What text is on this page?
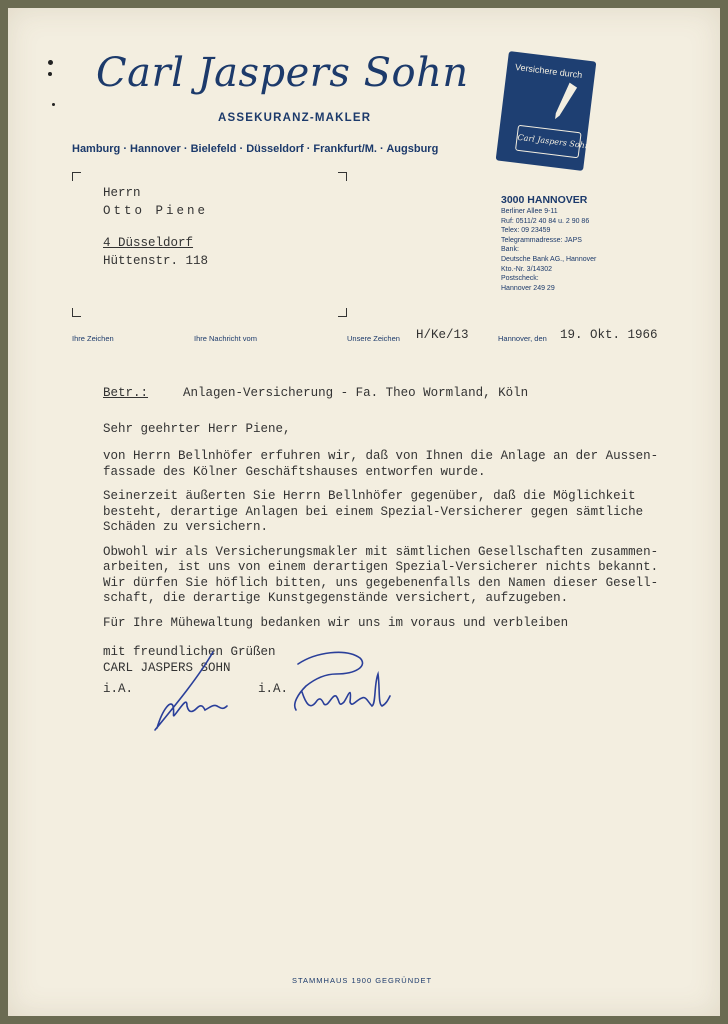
Carl Jaspers Sohn
ASSEKURANZ-MAKLER
Hamburg · Hannover · Bielefeld · Düsseldorf · Frankfurt/M. · Augsburg
Versichere durch
Carl Jaspers Sohn
Herrn
Otto Piene
4 Düsseldorf
Hüttenstr. 118
3000 HANNOVER
Berliner Allee 9-11
Ruf: 0511/2 40 84 u. 2 90 86
Telex: 09 23459
Telegrammadresse: JAPS
Bank:
Deutsche Bank AG., Hannover
Kto.-Nr. 3/14302
Postscheck:
Hannover 249 29
Ihre Zeichen	Ihre Nachricht vom	Unsere Zeichen H/Ke/13	Hannover, den 19. Okt. 1966
Betr.:	Anlagen-Versicherung - Fa. Theo Wormland, Köln
Sehr geehrter Herr Piene,
von Herrn Bellnhöfer erfuhren wir, daß von Ihnen die Anlage an der Aussen-
fassade des Kölner Geschäftshauses entworfen wurde.
Seinerzeit äußerten Sie Herrn Bellnhöfer gegenüber, daß die Möglichkeit
besteht, derartige Anlagen bei einem Spezial-Versicherer gegen sämtliche
Schäden zu versichern.
Obwohl wir als Versicherungsmakler mit sämtlichen Gesellschaften zusammen-
arbeiten, ist uns von einem derartigen Spezial-Versicherer nichts bekannt.
Wir dürfen Sie höflich bitten, uns gegebenenfalls den Namen dieser Gesell-
schaft, die derartige Kunstgegenstände versichert, aufzugeben.
Für Ihre Mühewaltung bedanken wir uns im voraus und verbleiben
mit freundlichen Grüßen
CARL JASPERS SOHN
i.A.	i.A.
STAMMHAUS 1900 GEGRÜNDET
